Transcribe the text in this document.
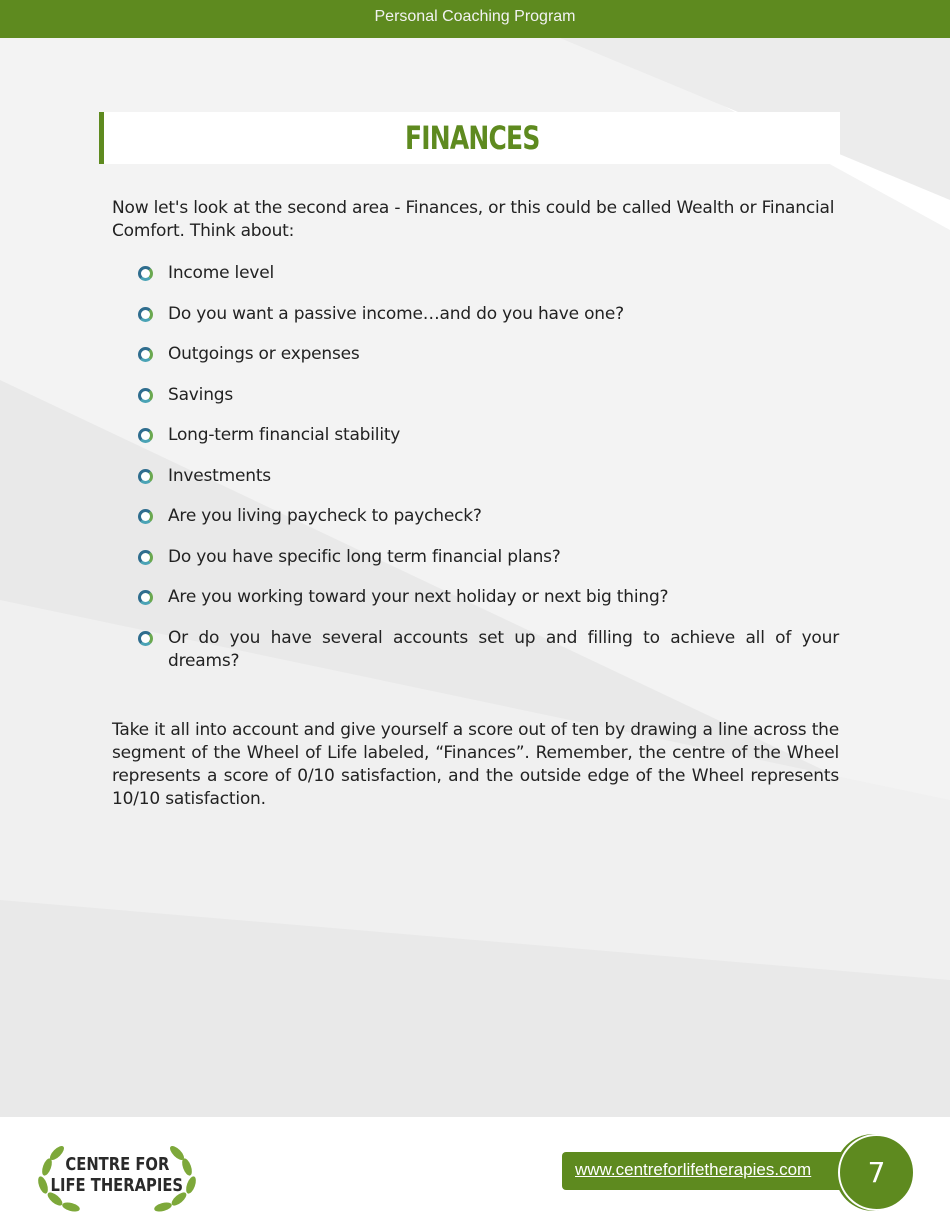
Personal Coaching Program
FINANCES

Now let's look at the second area - Finances, or this could be called Wealth or Financial Comfort. Think about:

Income level
Do you want a passive income…and do you have one?
Outgoings or expenses
Savings
Long-term financial stability
Investments
Are you living paycheck to paycheck?
Do you have specific long term financial plans?
Are you working toward your next holiday or next big thing?
Or do you have several accounts set up and filling to achieve all of your dreams?

Take it all into account and give yourself a score out of ten by drawing a line across the segment of the Wheel of Life labeled, “Finances”. Remember, the centre of the Wheel represents a score of 0/10 satisfaction, and the outside edge of the Wheel represents 10/10 satisfaction.

CENTRE FOR
LIFE THERAPIES
www.centreforlifetherapies.com	7
